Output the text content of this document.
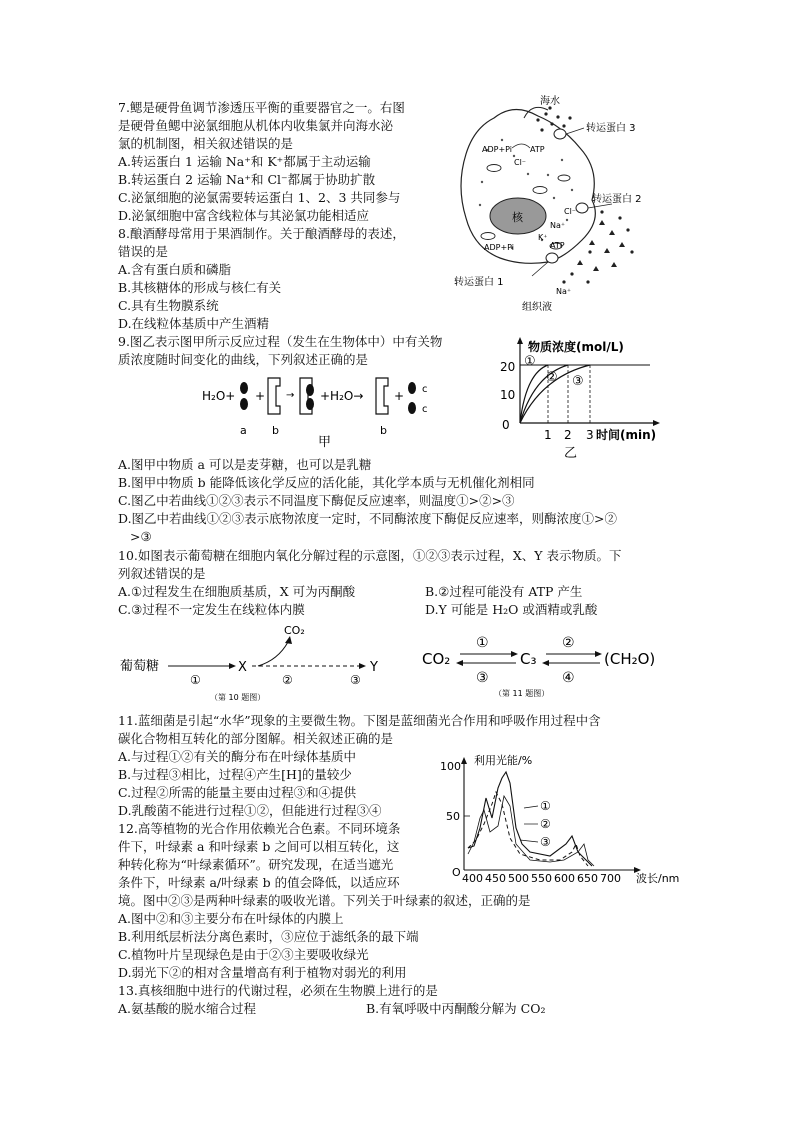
7.鳃是硬骨鱼调节渗透压平衡的重要器官之一。右图
是硬骨鱼鳃中泌氯细胞从机体内收集氯并向海水泌
氯的机制图，相关叙述错误的是
A.转运蛋白 1 运输 Na⁺和 K⁺都属于主动运输
B.转运蛋白 2 运输 Na⁺和 Cl⁻都属于协助扩散
C.泌氯细胞的泌氯需要转运蛋白 1、2、3 共同参与
D.泌氯细胞中富含线粒体与其泌氯功能相适应	核
海水
转运蛋白 3
ADP+Pi ATP
Cl⁻
转运蛋白 2
Cl⁻
Na⁺
K⁺
ATP
ADP+Pi
转运蛋白 1
Na⁺
组织液
8.酿酒酵母常用于果酒制作。关于酿酒酵母的表述，
错误的是
A.含有蛋白质和磷脂
B.其核糖体的形成与核仁有关
C.具有生物膜系统
D.在线粒体基质中产生酒精
9.图乙表示图甲所示反应过程（发生在生物体中）中有关物
质浓度随时间变化的曲线，下列叙述正确的是
H₂O+ + → +H₂O→	+ c
c
a b	b
甲
物质浓度(mol/L)
20
10
0
①
② ③
1 2 3 时间(min)
乙
A.图甲中物质 a 可以是麦芽糖，也可以是乳糖
B.图甲中物质 b 能降低该化学反应的活化能，其化学本质与无机催化剂相同
C.图乙中若曲线①②③表示不同温度下酶促反应速率，则温度①>②>③
D.图乙中若曲线①②③表示底物浓度一定时，不同酶浓度下酶促反应速率，则酶浓度①>②
>③
10.如图表示葡萄糖在细胞内氧化分解过程的示意图，①②③表示过程，X、Y 表示物质。下
列叙述错误的是
A.①过程发生在细胞质基质，X 可为丙酮酸	B.②过程可能没有 ATP 产生
C.③过程不一定发生在线粒体内膜	D.Y 可能是 H₂O 或酒精或乳酸
葡萄糖	X	Y
CO₂
①	②	③
（第 10 题图）
CO₂
①
③
C₃
②
④
(CH₂O)
（第 11 题图）
11.蓝细菌是引起“水华”现象的主要微生物。下图是蓝细菌光合作用和呼吸作用过程中含
碳化合物相互转化的部分图解。相关叙述正确的是
A.与过程①②有关的酶分布在叶绿体基质中
B.与过程③相比，过程④产生[H]的量较少
C.过程②所需的能量主要由过程③和④提供
D.乳酸菌不能进行过程①②，但能进行过程③④
12.高等植物的光合作用依赖光合色素。不同环境条
件下，叶绿素 a 和叶绿素 b 之间可以相互转化，这
种转化称为“叶绿素循环”。研究发现，在适当遮光
条件下，叶绿素 a/叶绿素 b 的值会降低，以适应环
境。图中②③是两种叶绿素的吸收光谱。下列关于叶绿素的叙述，正确的是
A.图中②和③主要分布在叶绿体的内膜上
B.利用纸层析法分离色素时，③应位于滤纸条的最下端
C.植物叶片呈现绿色是由于②③主要吸收绿光
D.弱光下②的相对含量增高有利于植物对弱光的利用
利用光能/%
100
50
O
①
②
③
400 450 500 550 600 650 700 波长/nm
13.真核细胞中进行的代谢过程，必须在生物膜上进行的是
A.氨基酸的脱水缩合过程	B.有氧呼吸中丙酮酸分解为 CO₂
